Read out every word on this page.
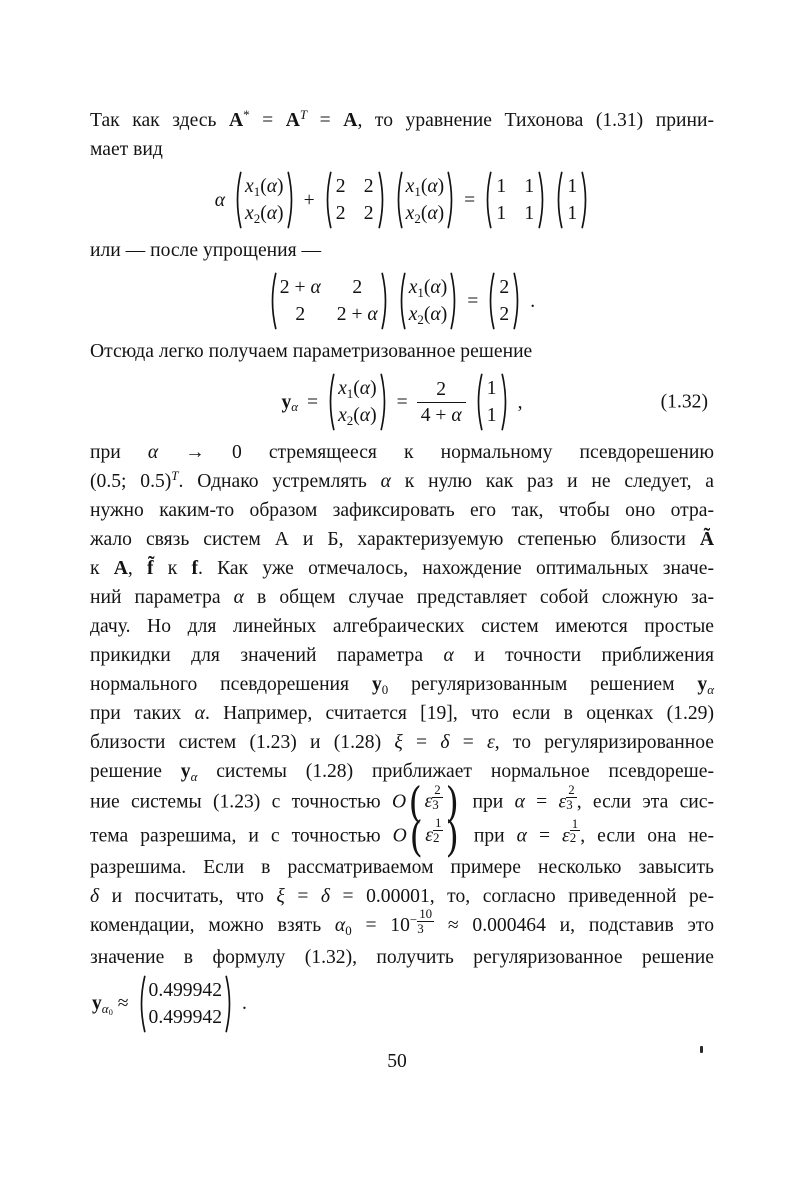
Так как здесь $A^* = A^T = A$, то уравнение Тихонова (1.31) прини-
мает вид
α
x1(α)
x2(α)
+
2 2
2 2
x1(α)
x2(α)
=
1 1
1 1
1
1
или — после упрощения —
2 + α	2
2	2 + α
x1(α)
x2(α)
=
2
2
.
Отсюда легко получаем параметризованное решение
yα =
x1(α)
x2(α)
= $\frac{2}{4 + \alpha} 1$
1
,	(1.32)
при α → 0 стремящееся к нормальному псевдорешению
(0.5; 0.5)$^T$. Однако устремлять α к нулю как раз и не следует, а
нужно каким-то образом зафиксировать его так, чтобы оно отра-
жало связь систем А и Б, характеризуемую степенью близости Ã
к A, f̃ к f. Как уже отмечалось, нахождение оптимальных значе-
ний параметра α в общем случае представляет собой сложную за-
дачу. Но для линейных алгебраических систем имеются простые
прикидки для значений параметра α и точности приближения
нормального псевдорешения y0 регуляризованным решением yα
при таких α. Например, считается [19], что если в оценках (1.29)
близости систем (1.23) и (1.28) ξ = δ = ε, то регуляризированное
решение yα системы (1.28) приближает нормальное псевдореше-
ние системы (1.23) с точностью O ( ε $^{\frac{2}{3}}$ ) при α = ε $^{\frac{2}{3}}$ , если эта сис-
тема разрешима, и с точностью O ( ε $^{\frac{1}{2}}$ ) при α = ε $^{\frac{1}{2}}$ , если она не-
разрешима. Если в рассматриваемом примере несколько завысить
δ и посчитать, что ξ = δ = 0.00001, то, согласно приведенной ре-
комендации, можно взять $\alpha 0 = 10^{- \frac{10}{3}} \approx 0.000464$ и, подставив это
значение в формулу (1.32), получить регуляризованное решение
yα0 ≈
0.499942
0.499942
.
50
